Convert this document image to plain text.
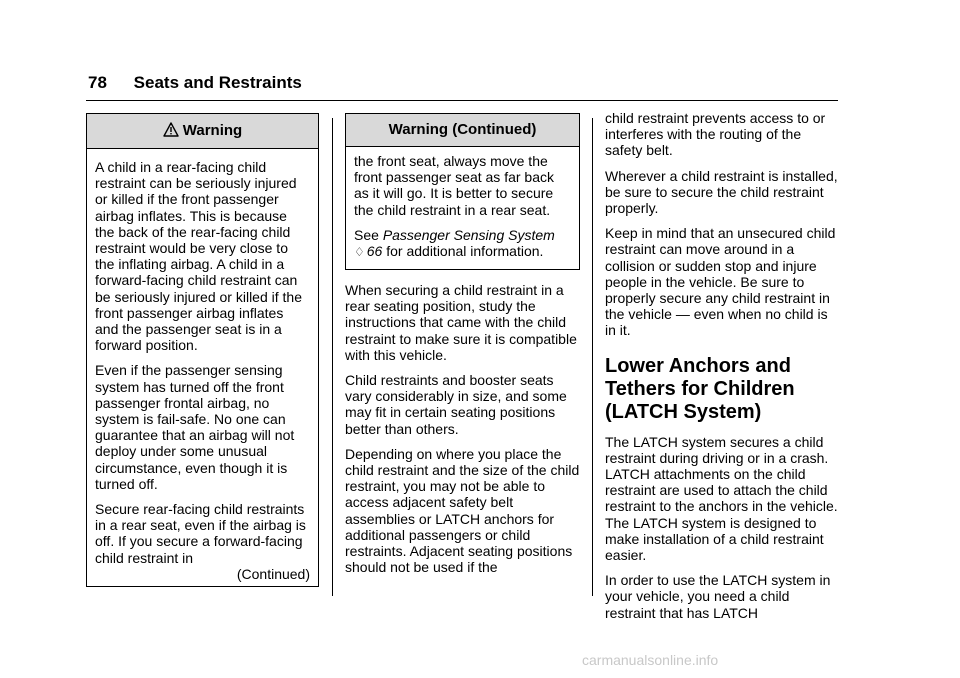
78 Seats and Restraints
Warning

A child in a rear-facing child restraint can be seriously injured or killed if the front passenger airbag inflates. This is because the back of the rear-facing child restraint would be very close to the inflating airbag. A child in a forward-facing child restraint can be seriously injured or killed if the front passenger airbag inflates and the passenger seat is in a forward position.

Even if the passenger sensing system has turned off the front passenger frontal airbag, no system is fail-safe. No one can guarantee that an airbag will not deploy under some unusual circumstance, even though it is turned off.

Secure rear-facing child restraints in a rear seat, even if the airbag is off. If you secure a forward-facing child restraint in

(Continued)
Warning (Continued)

the front seat, always move the front passenger seat as far back as it will go. It is better to secure the child restraint in a rear seat.

See Passenger Sensing System
♢ 66 for additional information.

When securing a child restraint in a rear seating position, study the instructions that came with the child restraint to make sure it is compatible with this vehicle.

Child restraints and booster seats vary considerably in size, and some may fit in certain seating positions better than others.

Depending on where you place the child restraint and the size of the child restraint, you may not be able to access adjacent safety belt assemblies or LATCH anchors for additional passengers or child restraints. Adjacent seating positions should not be used if the

child restraint prevents access to or interferes with the routing of the safety belt.

Wherever a child restraint is installed, be sure to secure the child restraint properly.

Keep in mind that an unsecured child restraint can move around in a collision or sudden stop and injure people in the vehicle. Be sure to properly secure any child restraint in the vehicle — even when no child is in it.

Lower Anchors and Tethers for Children (LATCH System)

The LATCH system secures a child restraint during driving or in a crash. LATCH attachments on the child restraint are used to attach the child restraint to the anchors in the vehicle. The LATCH system is designed to make installation of a child restraint easier.

In order to use the LATCH system in your vehicle, you need a child restraint that has LATCH

carmanualsonline.info
